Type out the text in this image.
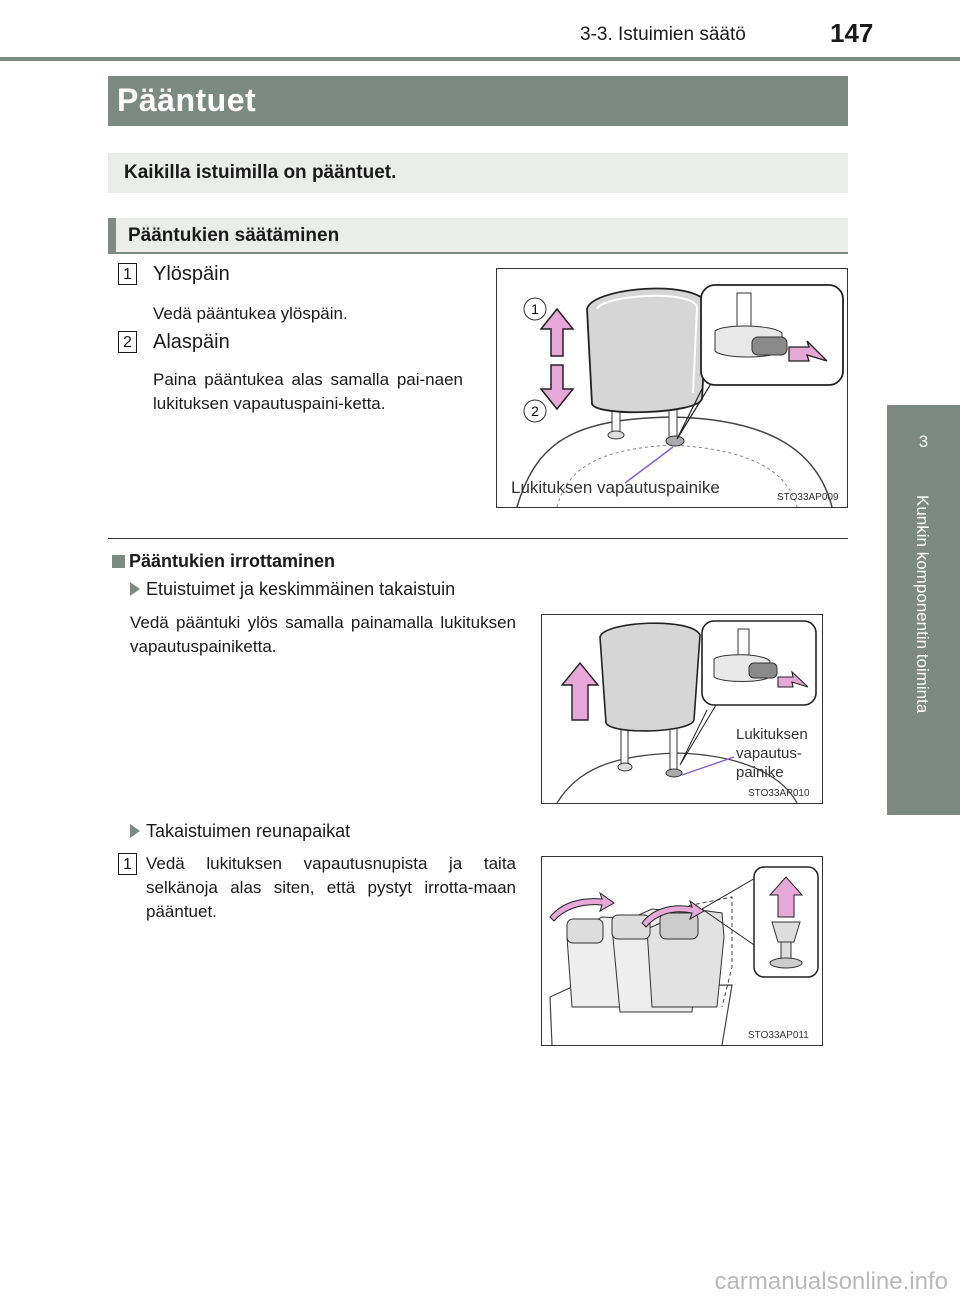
3-3. Istuimien säätö	147
3
Kunkin komponentin toiminta
Pääntuet
Kaikilla istuimilla on pääntuet.
Pääntukien säätäminen
1 Ylöspäin
Vedä pääntukea ylöspäin.
2 Alaspäin
Paina pääntukea alas samalla pai-naen lukituksen vapautuspaini-ketta.
1
2
Lukituksen vapautuspainike
STO33AP009
Pääntukien irrottaminen
Etuistuimet ja keskimmäinen takaistuin
Vedä pääntuki ylös samalla painamalla lukituksen vapautuspainiketta.
Lukituksen
vapautus-
painike
STO33AP010
Takaistuimen reunapaikat
1 Vedä lukituksen vapautusnupista ja taita selkänoja alas siten, että pystyt irrotta-maan pääntuet.
STO33AP011
carmanualsonline.info
